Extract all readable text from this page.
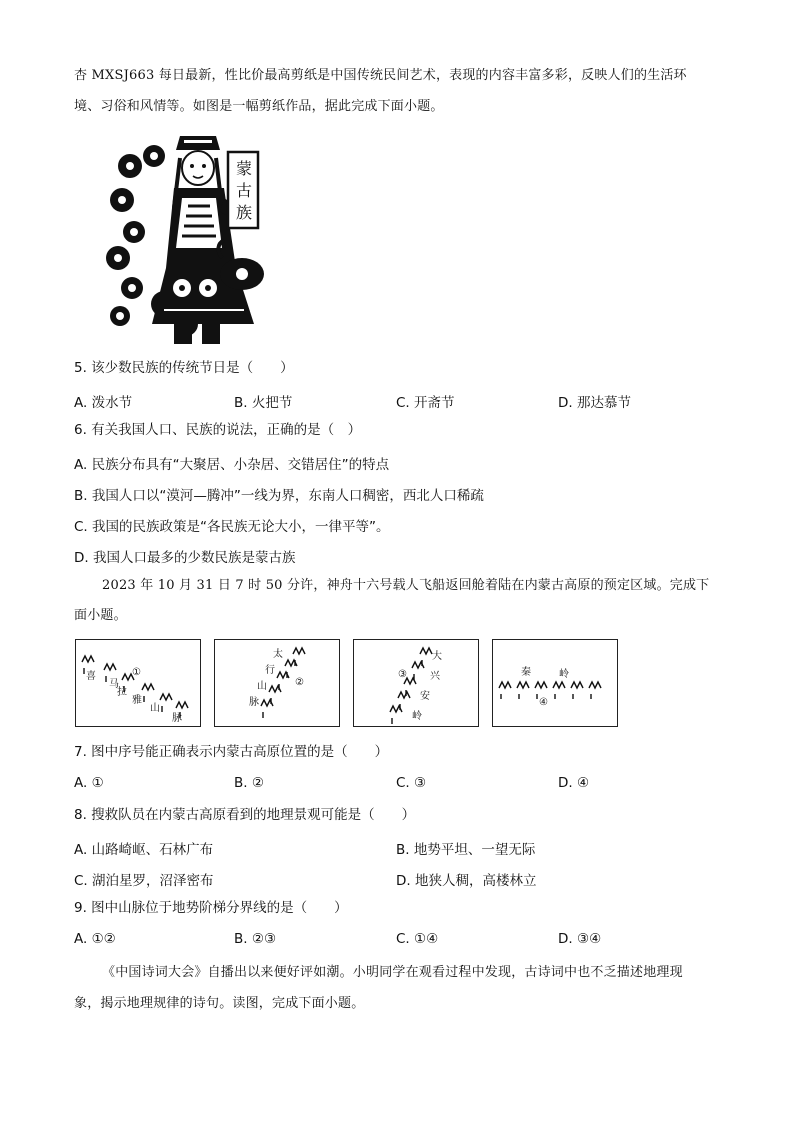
杏 MXSJ663 每日最新，性比价最高剪纸是中国传统民间艺术，表现的内容丰富多彩，反映人们的生活环
境、习俗和风情等。如图是一幅剪纸作品，据此完成下面小题。
蒙古族
5. 该少数民族的传统节日是（　　）
A. 泼水节	B. 火把节	C. 开斋节	D. 那达慕节
6. 有关我国人口、民族的说法，正确的是（　）
A. 民族分布具有“大聚居、小杂居、交错居住”的特点
B. 我国人口以“漠河—腾冲”一线为界，东南人口稠密，西北人口稀疏
C. 我国的民族政策是“各民族无论大小，一律平等”。
D. 我国人口最多的少数民族是蒙古族
2023 年 10 月 31 日 7 时 50 分许，神舟十六号载人飞船返回舱着陆在内蒙古高原的预定区域。完成下
面小题。
喜
马
拉
①
雅
山
脉
太
行
②
山
脉
大
兴
③
安
岭
秦	岭
④
7. 图中序号能正确表示内蒙古高原位置的是（　　）
A. ①	B. ②	C. ③	D. ④
8. 搜救队员在内蒙古高原看到的地理景观可能是（　　）
A. 山路崎岖、石林广布	B. 地势平坦、一望无际
C. 湖泊星罗，沼泽密布	D. 地狭人稠，高楼林立
9. 图中山脉位于地势阶梯分界线的是（　　）
A. ①②	B. ②③	C. ①④	D. ③④
《中国诗词大会》自播出以来便好评如潮。小明同学在观看过程中发现，古诗词中也不乏描述地理现
象，揭示地理规律的诗句。读图，完成下面小题。
